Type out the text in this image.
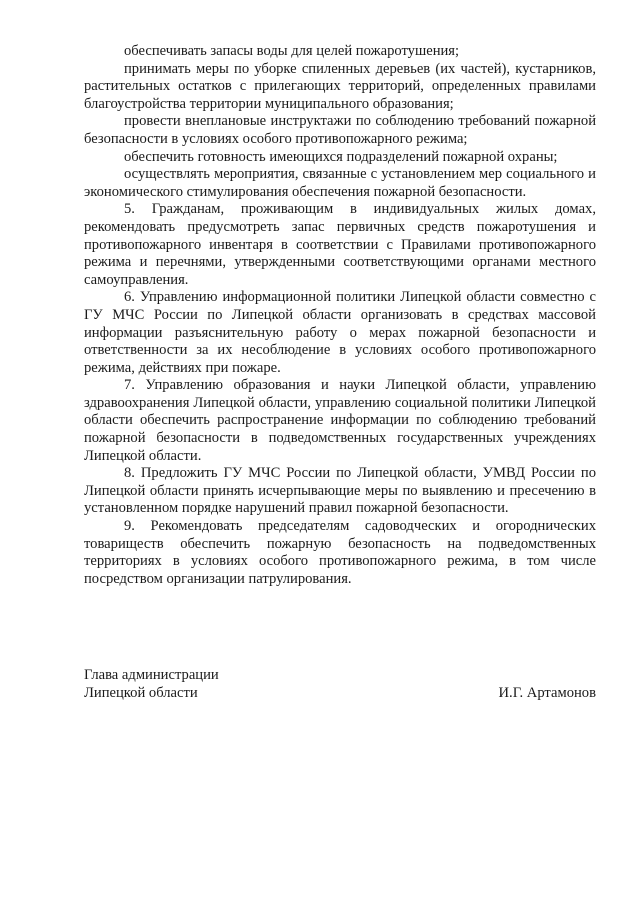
обеспечивать запасы воды для целей пожаротушения;

принимать меры по уборке спиленных деревьев (их частей), кустарников, растительных остатков с прилегающих территорий, определенных правилами благоустройства территории муниципального образования;

провести внеплановые инструктажи по соблюдению требований пожарной безопасности в условиях особого противопожарного режима;

обеспечить готовность имеющихся подразделений пожарной охраны;

осуществлять мероприятия, связанные с установлением мер социального и экономического стимулирования обеспечения пожарной безопасности.

5. Гражданам, проживающим в индивидуальных жилых домах, рекомендовать предусмотреть запас первичных средств пожаротушения и противопожарного инвентаря в соответствии с Правилами противопожарного режима и перечнями, утвержденными соответствующими органами местного самоуправления.

6. Управлению информационной политики Липецкой области совместно с ГУ МЧС России по Липецкой области организовать в средствах массовой информации разъяснительную работу о мерах пожарной безопасности и ответственности за их несоблюдение в условиях особого противопожарного режима, действиях при пожаре.

7. Управлению образования и науки Липецкой области, управлению здравоохранения Липецкой области, управлению социальной политики Липецкой области обеспечить распространение информации по соблюдению требований пожарной безопасности в подведомственных государственных учреждениях Липецкой области.

8. Предложить ГУ МЧС России по Липецкой области, УМВД России по Липецкой области принять исчерпывающие меры по выявлению и пресечению в установленном порядке нарушений правил пожарной безопасности.

9. Рекомендовать председателям садоводческих и огороднических товариществ обеспечить пожарную безопасность на подведомственных территориях в условиях особого противопожарного режима, в том числе посредством организации патрулирования.

Глава администрации
Липецкой области	И.Г. Артамонов
